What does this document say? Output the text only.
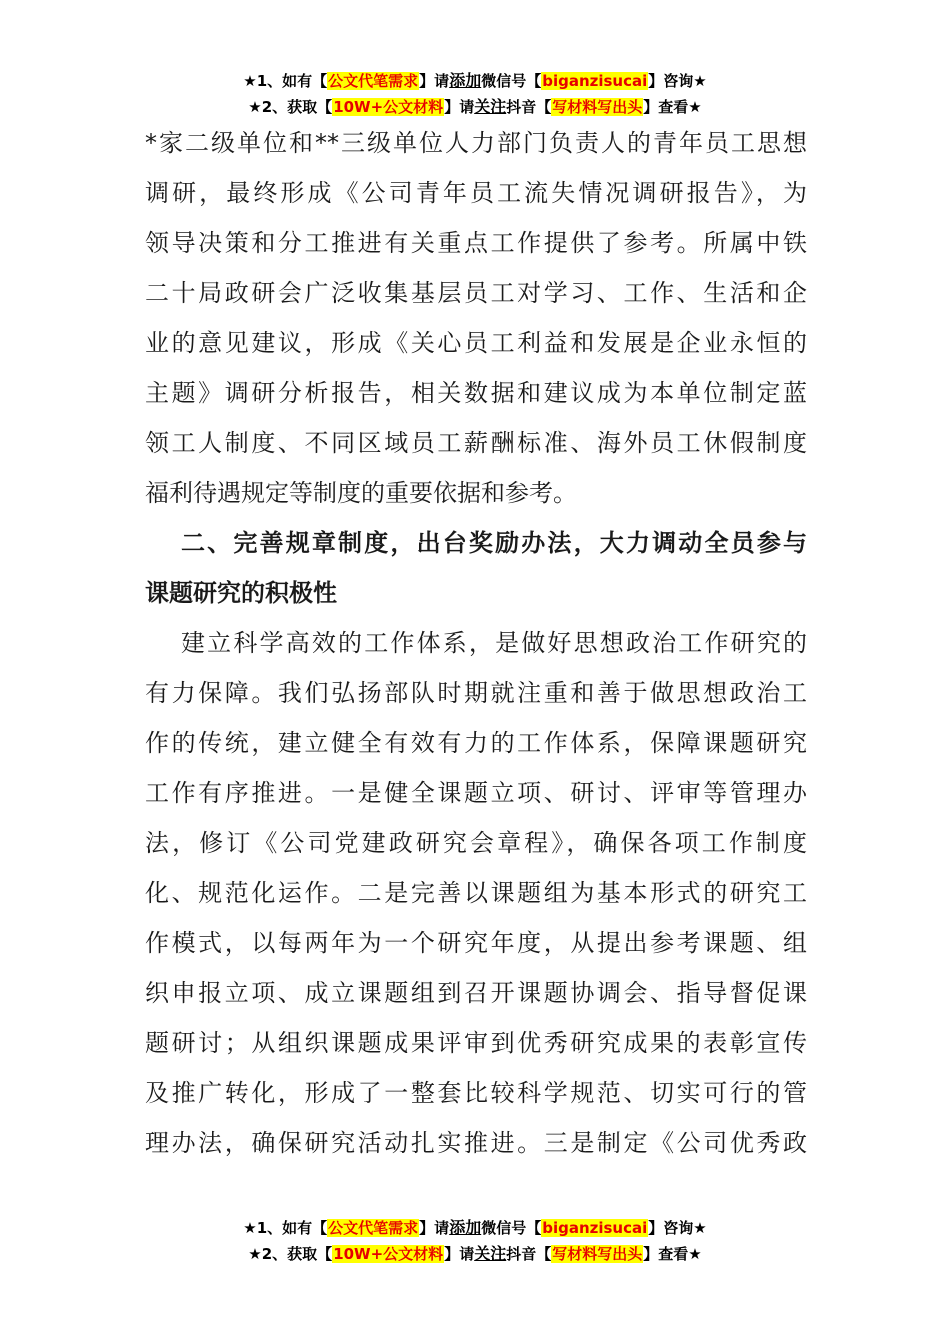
★1、如有【公文代笔需求】请添加微信号【biganzisucai】咨询★
★2、获取【10W+公文材料】请关注抖音【写材料写出头】查看★
*家二级单位和**三级单位人力部门负责人的青年员工思想
调研，最终形成《公司青年员工流失情况调研报告》，为
领导决策和分工推进有关重点工作提供了参考。所属中铁
二十局政研会广泛收集基层员工对学习、工作、生活和企
业的意见建议，形成《关心员工利益和发展是企业永恒的
主题》调研分析报告，相关数据和建议成为本单位制定蓝
领工人制度、不同区域员工薪酬标准、海外员工休假制度
福利待遇规定等制度的重要依据和参考。
二、完善规章制度，出台奖励办法，大力调动全员参与
课题研究的积极性
建立科学高效的工作体系，是做好思想政治工作研究的
有力保障。我们弘扬部队时期就注重和善于做思想政治工
作的传统，建立健全有效有力的工作体系，保障课题研究
工作有序推进。一是健全课题立项、研讨、评审等管理办
法，修订《公司党建政研究会章程》，确保各项工作制度
化、规范化运作。二是完善以课题组为基本形式的研究工
作模式，以每两年为一个研究年度，从提出参考课题、组
织申报立项、成立课题组到召开课题协调会、指导督促课
题研讨；从组织课题成果评审到优秀研究成果的表彰宣传
及推广转化，形成了一整套比较科学规范、切实可行的管
理办法，确保研究活动扎实推进。三是制定《公司优秀政
★1、如有【公文代笔需求】请添加微信号【biganzisucai】咨询★
★2、获取【10W+公文材料】请关注抖音【写材料写出头】查看★
